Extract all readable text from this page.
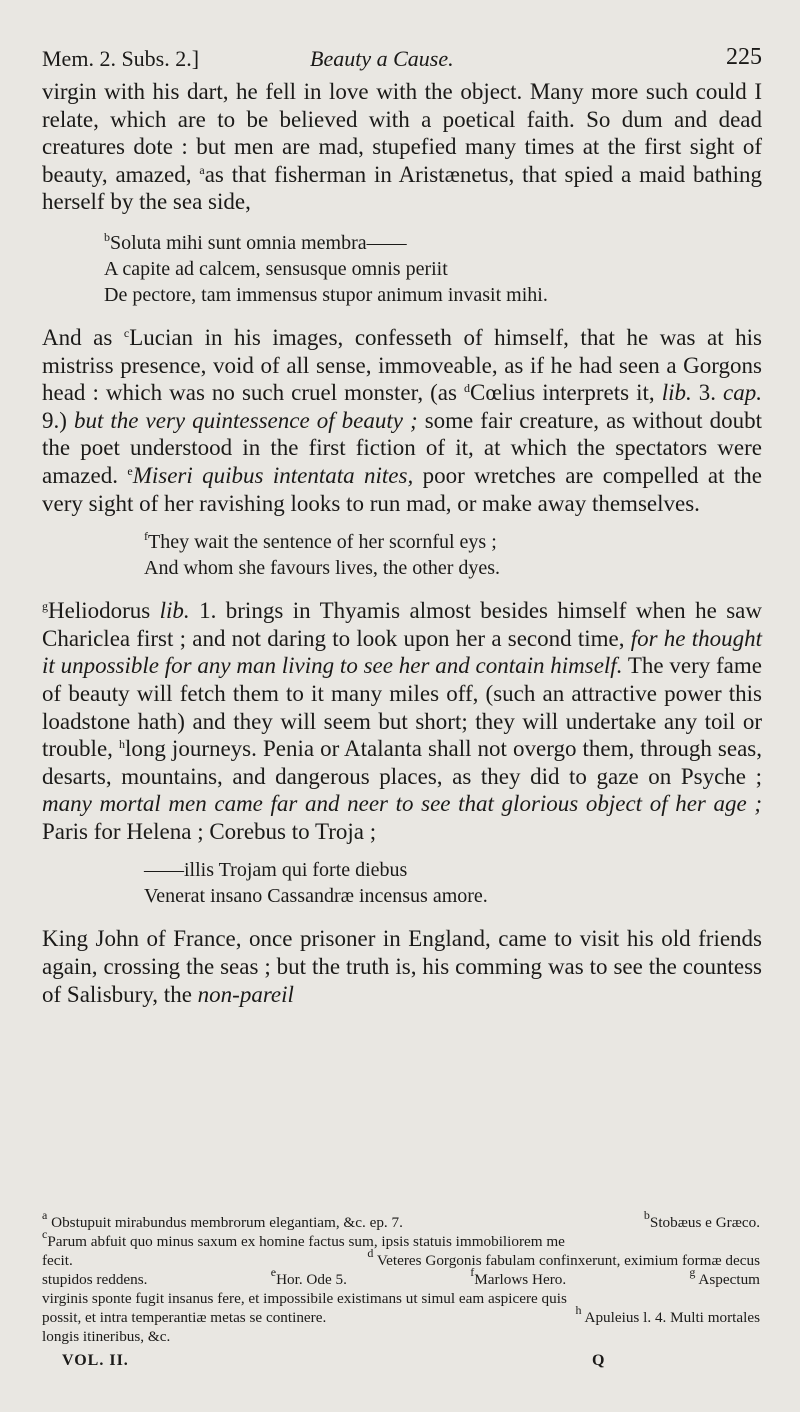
Mem. 2. Subs. 2.]	Beauty a Cause.	225

virgin with his dart, he fell in love with the object. Many more such could I relate, which are to be believed with a poetical faith. So dum and dead creatures dote : but men are mad, stupefied many times at the first sight of beauty, amazed, $^a$as that fisherman in Aristænetus, that spied a maid bathing herself by the sea side,

$^b$Soluta mihi sunt omnia membra——
A capite ad calcem, sensusque omnis periit
De pectore, tam immensus stupor animum invasit mihi.

And as $^c$Lucian in his images, confesseth of himself, that he was at his mistriss presence, void of all sense, immoveable, as if he had seen a Gorgons head : which was no such cruel monster, (as $^d$Cœlius interprets it, lib. 3. cap. 9.) but the very quintessence of beauty ; some fair creature, as without doubt the poet understood in the first fiction of it, at which the spectators were amazed. $^e$Miseri quibus intentata nites, poor wretches are compelled at the very sight of her ravishing looks to run mad, or make away themselves.

$^f$They wait the sentence of her scornful eys ;
And whom she favours lives, the other dyes.

$^g$Heliodorus lib. 1. brings in Thyamis almost besides himself when he saw Chariclea first ; and not daring to look upon her a second time, for he thought it unpossible for any man living to see her and contain himself. The very fame of beauty will fetch them to it many miles off, (such an attractive power this loadstone hath) and they will seem but short; they will undertake any toil or trouble, $^h$long journeys. Penia or Atalanta shall not overgo them, through seas, desarts, mountains, and dangerous places, as they did to gaze on Psyche ; many mortal men came far and neer to see that glorious object of her age ; Paris for Helena ; Corebus to Troja ;

——illis Trojam qui forte diebus
Venerat insano Cassandræ incensus amore.

King John of France, once prisoner in England, came to visit his old friends again, crossing the seas ; but the truth is, his comming was to see the countess of Salisbury, the non-pareil

$^a$ Obstupuit mirabundus membrorum elegantiam, &c. ep. 7.	$^b$Stobæus e Græco.
$^c$Parum abfuit quo minus saxum ex homine factus sum, ipsis statuis immobiliorem me
fecit.	$^d$ Veteres Gorgonis fabulam confinxerunt, eximium formæ decus
stupidos reddens.	$^e$Hor. Ode 5.	$^f$Marlows Hero.	$^g$ Aspectum
virginis sponte fugit insanus fere, et impossibile existimans ut simul eam aspicere quis
possit, et intra temperantiæ metas se continere.	$^h$ Apuleius l. 4. Multi mortales
longis itineribus, &c.
VOL. II.	Q
